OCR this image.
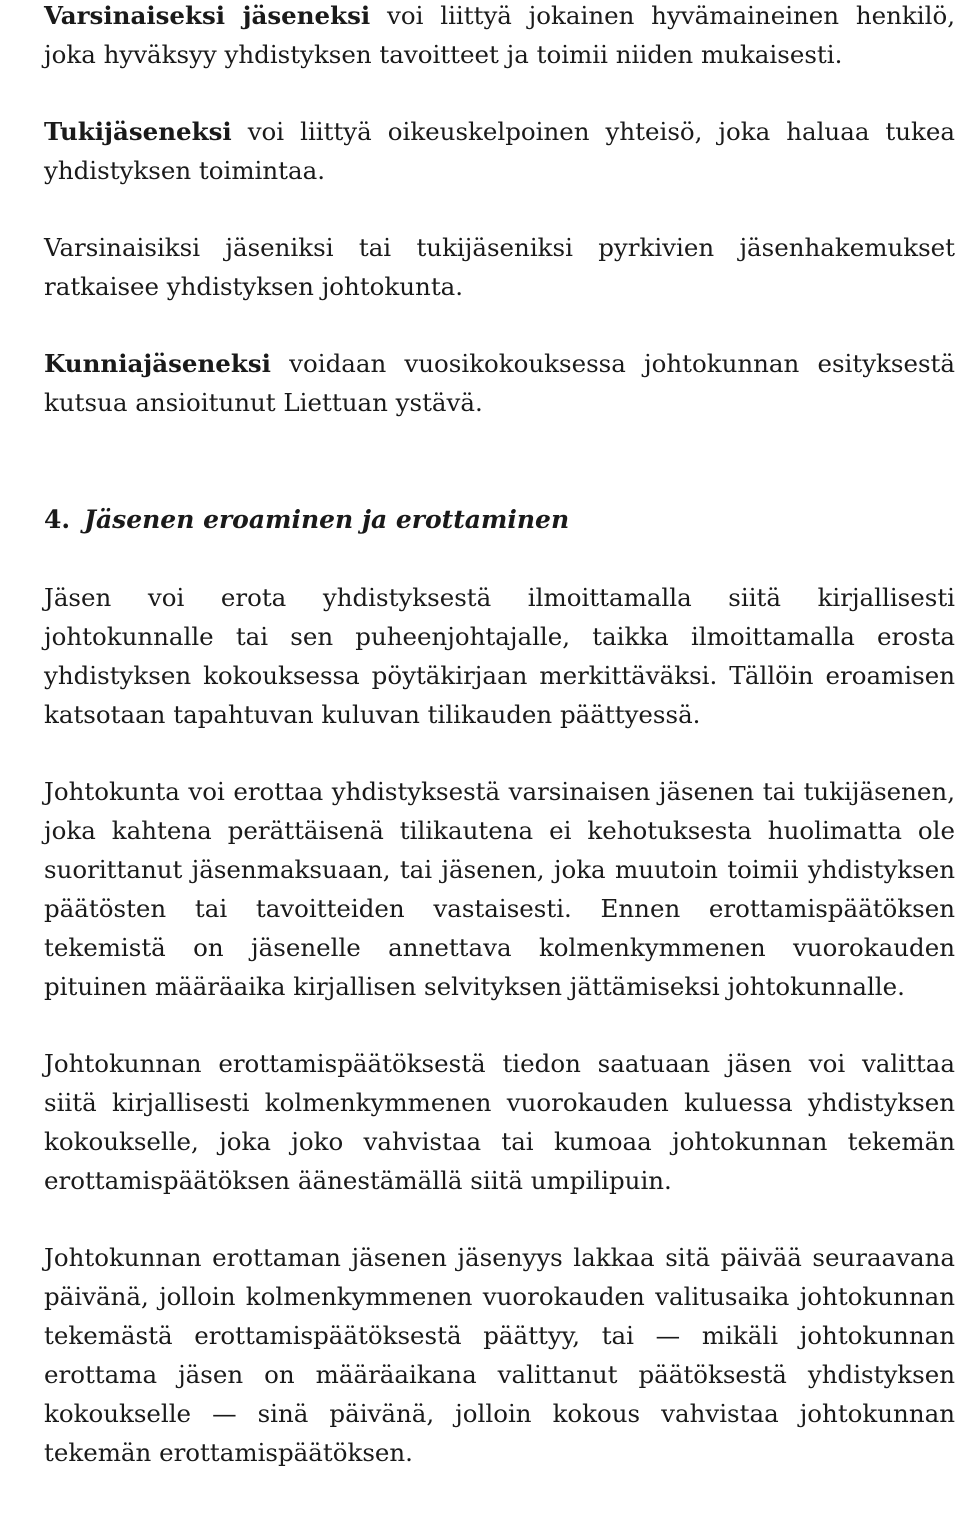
Varsinaiseksi jäseneksi voi liittyä jokainen hyvämaineinen henkilö, joka hyväksyy yhdistyksen tavoitteet ja toimii niiden mukaisesti.

Tukijäseneksi voi liittyä oikeuskelpoinen yhteisö, joka haluaa tukea yhdistyksen toimintaa.

Varsinaisiksi jäseniksi tai tukijäseniksi pyrkivien jäsenhakemukset ratkaisee yhdistyksen johtokunta.

Kunniajäseneksi voidaan vuosikokouksessa johtokunnan esityksestä kutsua ansioitunut Liettuan ystävä.

4. Jäsenen eroaminen ja erottaminen

Jäsen voi erota yhdistyksestä ilmoittamalla siitä kirjallisesti johtokunnalle tai sen puheenjohtajalle, taikka ilmoittamalla erosta yhdistyksen kokouksessa pöytäkirjaan merkittäväksi. Tällöin eroamisen katsotaan tapahtuvan kuluvan tilikauden päättyessä.

Johtokunta voi erottaa yhdistyksestä varsinaisen jäsenen tai tukijäsenen, joka kahtena perättäisenä tilikautena ei kehotuksesta huolimatta ole suorittanut jäsenmaksuaan, tai jäsenen, joka muutoin toimii yhdistyksen päätösten tai tavoitteiden vastaisesti. Ennen erottamispäätöksen tekemistä on jäsenelle annettava kolmenkymmenen vuorokauden pituinen määräaika kirjallisen selvityksen jättämiseksi johtokunnalle.

Johtokunnan erottamispäätöksestä tiedon saatuaan jäsen voi valittaa siitä kirjallisesti kolmenkymmenen vuorokauden kuluessa yhdistyksen kokoukselle, joka joko vahvistaa tai kumoaa johtokunnan tekemän erottamispäätöksen äänestämällä siitä umpilipuin.

Johtokunnan erottaman jäsenen jäsenyys lakkaa sitä päivää seuraavana päivänä, jolloin kolmenkymmenen vuorokauden valitusaika johtokunnan tekemästä erottamispäätöksestä päättyy, tai — mikäli johtokunnan erottama jäsen on määräaikana valittanut päätöksestä yhdistyksen kokoukselle — sinä päivänä, jolloin kokous vahvistaa johtokunnan tekemän erottamispäätöksen.
